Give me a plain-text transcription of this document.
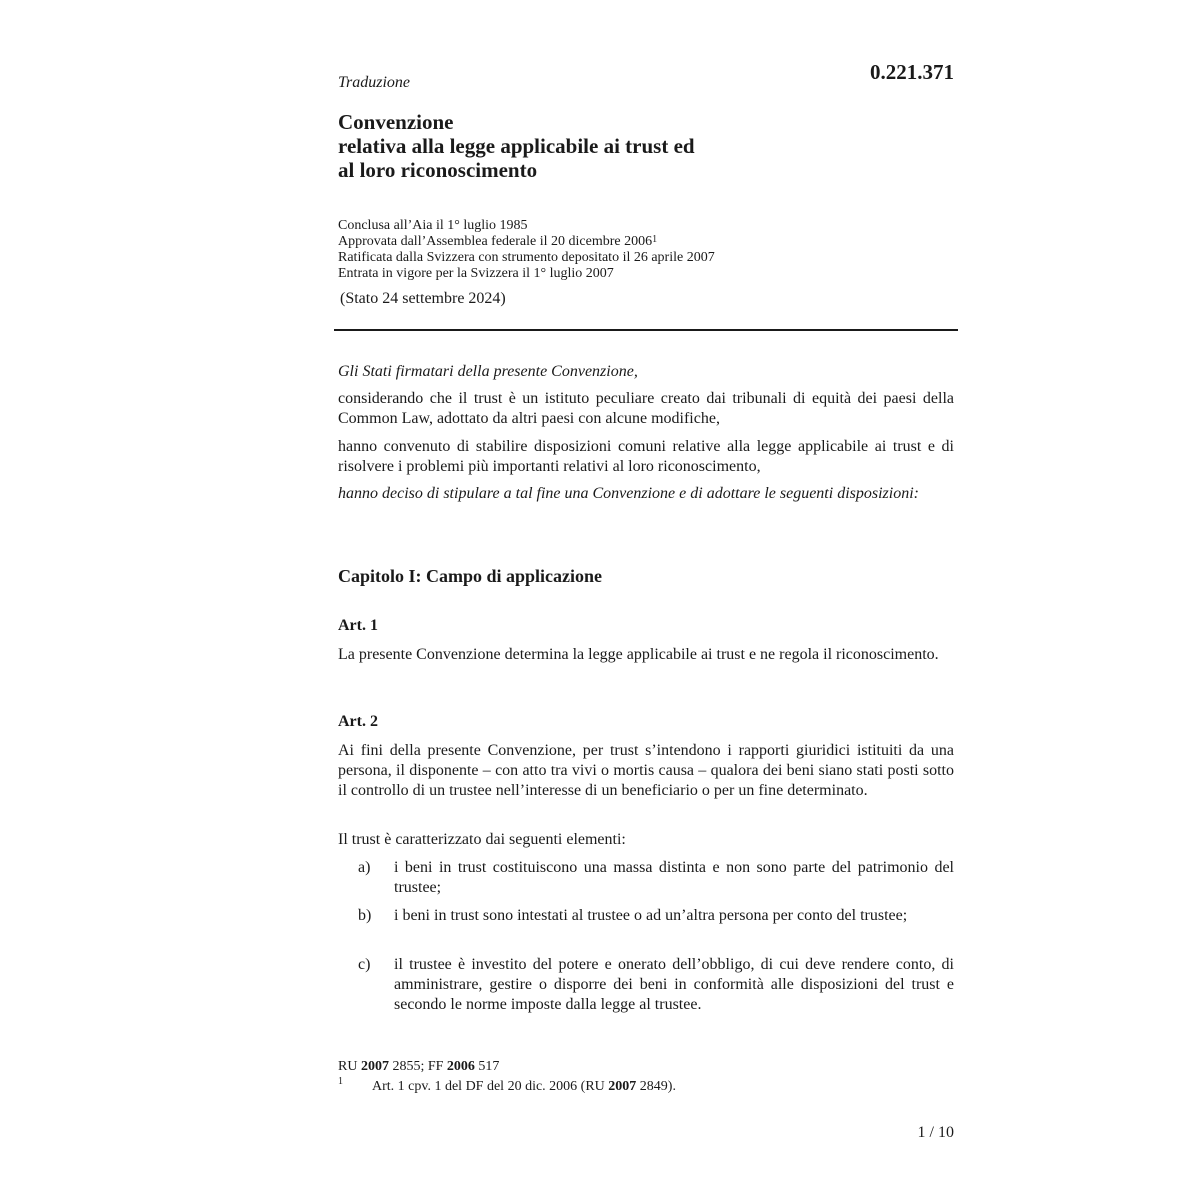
Traduzione	0.221.371
Convenzione
relativa alla legge applicabile ai trust ed
al loro riconoscimento
Conclusa all’Aia il 1° luglio 1985
Approvata dall’Assemblea federale il 20 dicembre 2006$^1$
Ratificata dalla Svizzera con strumento depositato il 26 aprile 2007
Entrata in vigore per la Svizzera il 1° luglio 2007
(Stato 24 settembre 2024)

Gli Stati firmatari della presente Convenzione,

considerando che il trust è un istituto peculiare creato dai tribunali di equità dei paesi della Common Law, adottato da altri paesi con alcune modifiche,

hanno convenuto di stabilire disposizioni comuni relative alla legge applicabile ai trust e di risolvere i problemi più importanti relativi al loro riconoscimento,

hanno deciso di stipulare a tal fine una Convenzione e di adottare le seguenti disposizioni:

Capitolo I: Campo di applicazione
Art. 1

La presente Convenzione determina la legge applicabile ai trust e ne regola il riconoscimento.

Art. 2

Ai fini della presente Convenzione, per trust s’intendono i rapporti giuridici istituiti da una persona, il disponente – con atto tra vivi o mortis causa – qualora dei beni siano stati posti sotto il controllo di un trustee nell’interesse di un beneficiario o per un fine determinato.

Il trust è caratterizzato dai seguenti elementi:

a) i beni in trust costituiscono una massa distinta e non sono parte del patrimonio del trustee;
b) i beni in trust sono intestati al trustee o ad un’altra persona per conto del trustee;
c) il trustee è investito del potere e onerato dell’obbligo, di cui deve rendere conto, di amministrare, gestire o disporre dei beni in conformità alle disposizioni del trust e secondo le norme imposte dalla legge al trustee.
RU 2007 2855; FF 2006 517
1 Art. 1 cpv. 1 del DF del 20 dic. 2006 (RU 2007 2849).
1 / 10
